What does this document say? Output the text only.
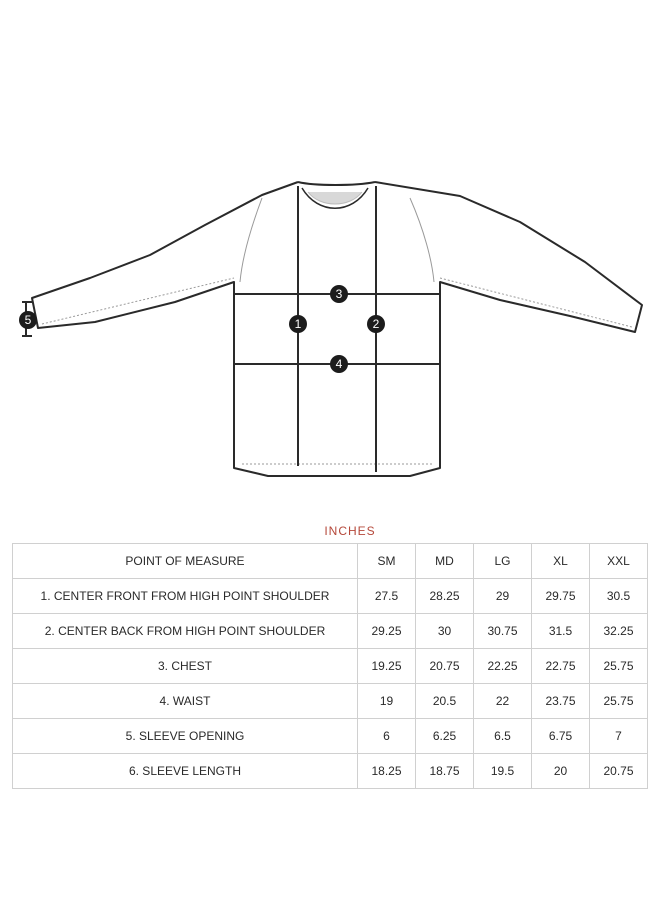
1	2
3
4
5
INCHES
POINT OF MEASURE	SM	MD	LG	XL	XXL
1. CENTER FRONT FROM HIGH POINT SHOULDER	27.5	28.25	29	29.75	30.5
2. CENTER BACK FROM HIGH POINT SHOULDER	29.25	30	30.75	31.5	32.25
3. CHEST	19.25	20.75	22.25	22.75	25.75
4. WAIST	19	20.5	22	23.75	25.75
5. SLEEVE OPENING	6	6.25	6.5	6.75	7
6. SLEEVE LENGTH	18.25	18.75	19.5	20	20.75
